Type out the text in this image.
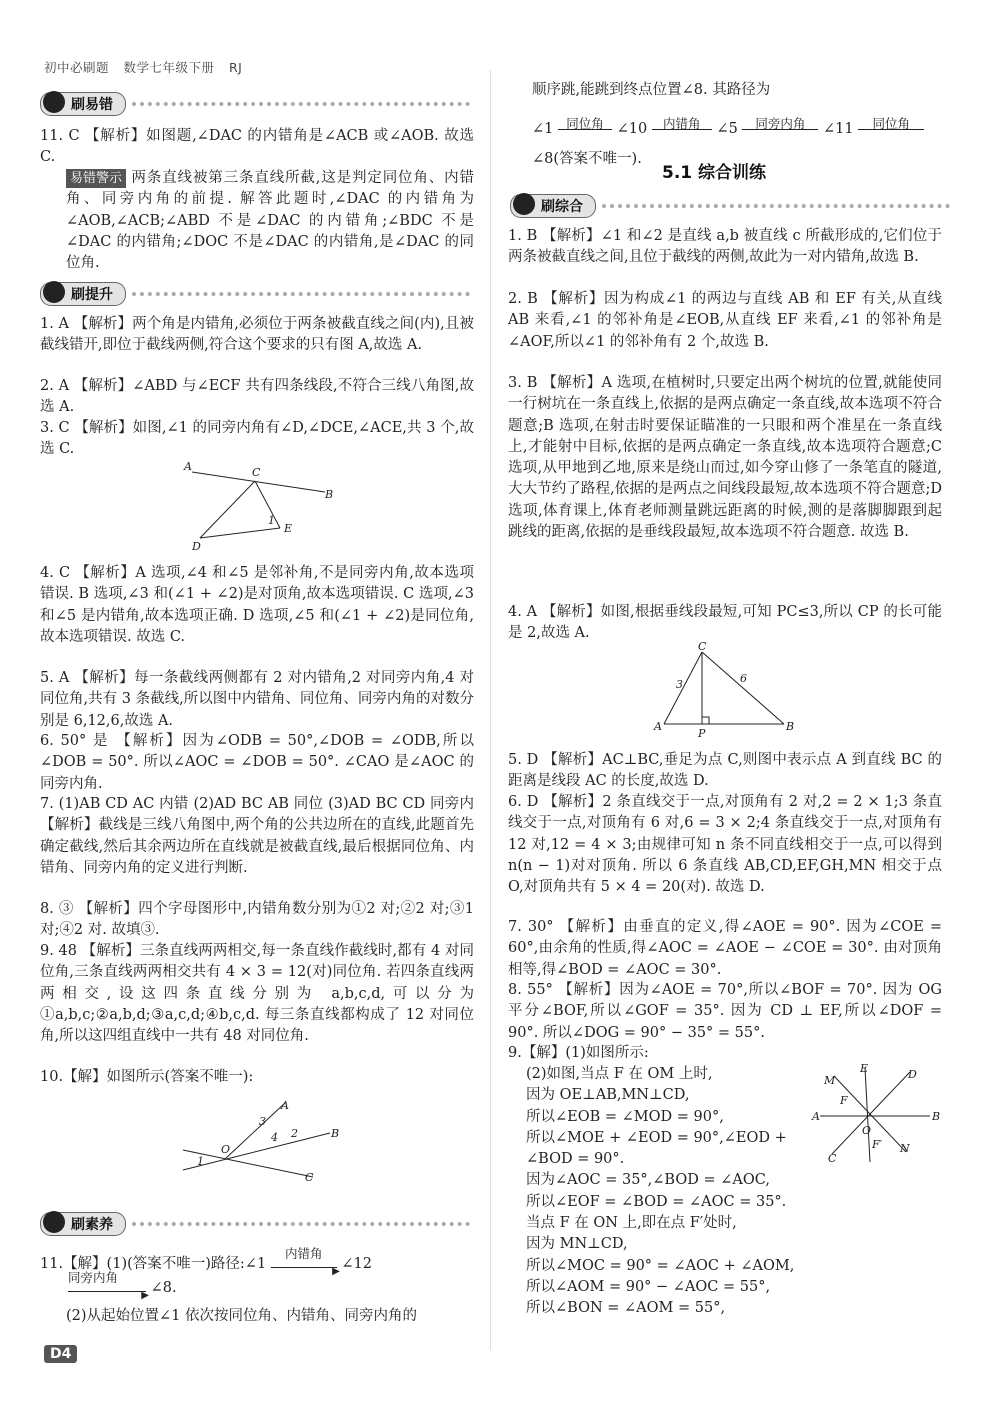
初中必刷题 数学七年级下册 RJ
刷易错
11. C 【解析】如图题,∠DAC 的内错角是∠ACB 或∠AOB. 故选 C.
易错警示 两条直线被第三条直线所截,这是判定同位角、内错角、同旁内角的前提. 解答此题时,∠DAC 的内错角为∠AOB,∠ACB;∠ABD 不是∠DAC 的内错角;∠BDC 不是∠DAC 的内错角;∠DOC 不是∠DAC 的内错角,是∠DAC 的同位角.
刷提升
1. A 【解析】两个角是内错角,必须位于两条被截直线之间(内),且被截线错开,即位于截线两侧,符合这个要求的只有图 A,故选 A.
2. A 【解析】∠ABD 与∠ECF 共有四条线段,不符合三线八角图,故选 A.
3. C 【解析】如图,∠1 的同旁内角有∠D,∠DCE,∠ACE,共 3 个,故选 C.
A	C
B
D
E
1
4. C 【解析】A 选项,∠4 和∠5 是邻补角,不是同旁内角,故本选项错误. B 选项,∠3 和(∠1 + ∠2)是对顶角,故本选项错误. C 选项,∠3 和∠5 是内错角,故本选项正确. D 选项,∠5 和(∠1 + ∠2)是同位角,故本选项错误. 故选 C.
5. A 【解析】每一条截线两侧都有 2 对内错角,2 对同旁内角,4 对同位角,共有 3 条截线,所以图中内错角、同位角、同旁内角的对数分别是 6,12,6,故选 A.
6. 50° 是 【解析】因为∠ODB = 50°,∠DOB = ∠ODB,所以∠DOB = 50°. 所以∠AOC = ∠DOB = 50°. ∠CAO 是∠AOC 的同旁内角.
7. (1)AB CD AC 内错 (2)AD BC AB 同位 (3)AD BC CD 同旁内 【解析】截线是三线八角图中,两个角的公共边所在的直线,此题首先确定截线,然后其余两边所在直线就是被截直线,最后根据同位角、内错角、同旁内角的定义进行判断.
8. ③ 【解析】四个字母图形中,内错角数分别为①2 对;②2 对;③1 对;④2 对. 故填③.
9. 48 【解析】三条直线两两相交,每一条直线作截线时,都有 4 对同位角,三条直线两两相交共有 4 × 3 = 12(对)同位角. 若四条直线两两相交,设这四条直线分别为 a,b,c,d,可以分为①a,b,c;②a,b,d;③a,c,d;④b,c,d. 每三条直线都构成了 12 对同位角,所以这四组直线中一共有 48 对同位角.
10.【解】如图所示(答案不唯一):
A
B
C
O
1
2
3
4
刷素养
11.【解】(1)(答案不唯一)路径:∠1
内错角
▶ ∠12
同旁内角
▶ ∠8.
(2)从起始位置∠1 依次按同位角、内错角、同旁内角的
D4
顺序跳,能跳到终点位置∠8. 其路径为
∠1	同位角 ∠10	内错角	∠5	同旁内角	∠11	同位角

∠8(答案不唯一).
5.1 综合训练
刷综合
1. B 【解析】∠1 和∠2 是直线 a,b 被直线 c 所截形成的,它们位于两条被截直线之间,且位于截线的两侧,故此为一对内错角,故选 B.
2. B 【解析】因为构成∠1 的两边与直线 AB 和 EF 有关,从直线 AB 来看,∠1 的邻补角是∠EOB,从直线 EF 来看,∠1 的邻补角是∠AOF,所以∠1 的邻补角有 2 个,故选 B.
3. B 【解析】A 选项,在植树时,只要定出两个树坑的位置,就能使同一行树坑在一条直线上,依据的是两点确定一条直线,故本选项不符合题意;B 选项,在射击时要保证瞄准的一只眼和两个准星在一条直线上,才能射中目标,依据的是两点确定一条直线,故本选项符合题意;C 选项,从甲地到乙地,原来是绕山而过,如今穿山修了一条笔直的隧道,大大节约了路程,依据的是两点之间线段最短,故本选项不符合题意;D 选项,体育课上,体育老师测量跳远距离的时候,测的是落脚脚跟到起跳线的距离,依据的是垂线段最短,故本选项不符合题意. 故选 B.
4. A 【解析】如图,根据垂线段最短,可知 PC≤3,所以 CP 的长可能是 2,故选 A.
C
A
P
B
3	6
5. D 【解析】AC⊥BC,垂足为点 C,则图中表示点 A 到直线 BC 的距离是线段 AC 的长度,故选 D.
6. D 【解析】2 条直线交于一点,对顶角有 2 对,2 = 2 × 1;3 条直线交于一点,对顶角有 6 对,6 = 3 × 2;4 条直线交于一点,对顶角有 12 对,12 = 4 × 3;由规律可知 n 条不同直线相交于一点,可以得到 n(n − 1)对对顶角. 所以 6 条直线 AB,CD,EF,GH,MN 相交于点 O,对顶角共有 5 × 4 = 20(对). 故选 D.
7. 30° 【解析】由垂直的定义,得∠AOE = 90°. 因为∠COE = 60°,由余角的性质,得∠AOC = ∠AOE − ∠COE = 30°. 由对顶角相等,得∠BOD = ∠AOC = 30°.
8. 55° 【解析】因为∠AOE = 70°,所以∠BOF = 70°. 因为 OG 平分∠BOF,所以∠GOF = 35°. 因为 CD ⊥ EF,所以∠DOF = 90°. 所以∠DOG = 90° − 35° = 55°.
9.【解】(1)如图所示:
(2)如图,当点 F 在 OM 上时,
因为 OE⊥AB,MN⊥CD,
所以∠EOB = ∠MOD = 90°,
所以∠MOE + ∠EOD = 90°,∠EOD +
∠BOD = 90°.
因为∠AOC = 35°,∠BOD = ∠AOC,
所以∠EOF = ∠BOD = ∠AOC = 35°.
当点 F 在 ON 上,即在点 F′处时,
因为 MN⊥CD,
所以∠MOC = 90° = ∠AOC + ∠AOM,
所以∠AOM = 90° − ∠AOC = 55°,
所以∠BON = ∠AOM = 55°,
E	D
M
F
A	B
O
F′ N
C
